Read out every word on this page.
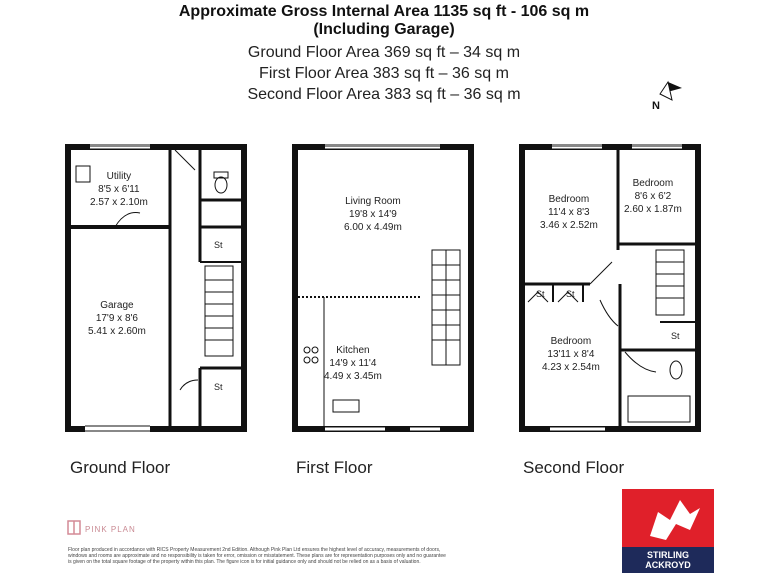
Approximate Gross Internal Area 1135 sq ft - 106 sq m
(Including Garage)
Ground Floor Area 369 sq ft – 34 sq m
First Floor Area 383 sq ft – 36 sq m
Second Floor Area 383 sq ft – 36 sq m
Utility
8'5 x 6'11
2.57 x 2.10m
Garage
17'9 x 8'6
5.41 x 2.60m
St
St
Living Room
19'8 x 14'9
6.00 x 4.49m
Kitchen
14'9 x 11'4
4.49 x 3.45m
Bedroom
11'4 x 8'3
3.46 x 2.52m
Bedroom
8'6 x 6'2
2.60 x 1.87m
Bedroom
13'11 x 8'4
4.23 x 2.54m
St St
St
N
Ground Floor	First Floor	Second Floor
PINK PLAN
Floor plan produced in accordance with RICS Property Measurement 2nd Edition. Although Pink Plan Ltd ensures the highest level of accuracy, measurements of doors, windows and rooms are approximate and no responsibility is taken for error, omission or misstatement. These plans are for representation purposes only and no guarantee is given on the total square footage of the property within this plan. The figure icon is for initial guidance only and should not be relied on as a basis of valuation.
STIRLING
ACKROYD
